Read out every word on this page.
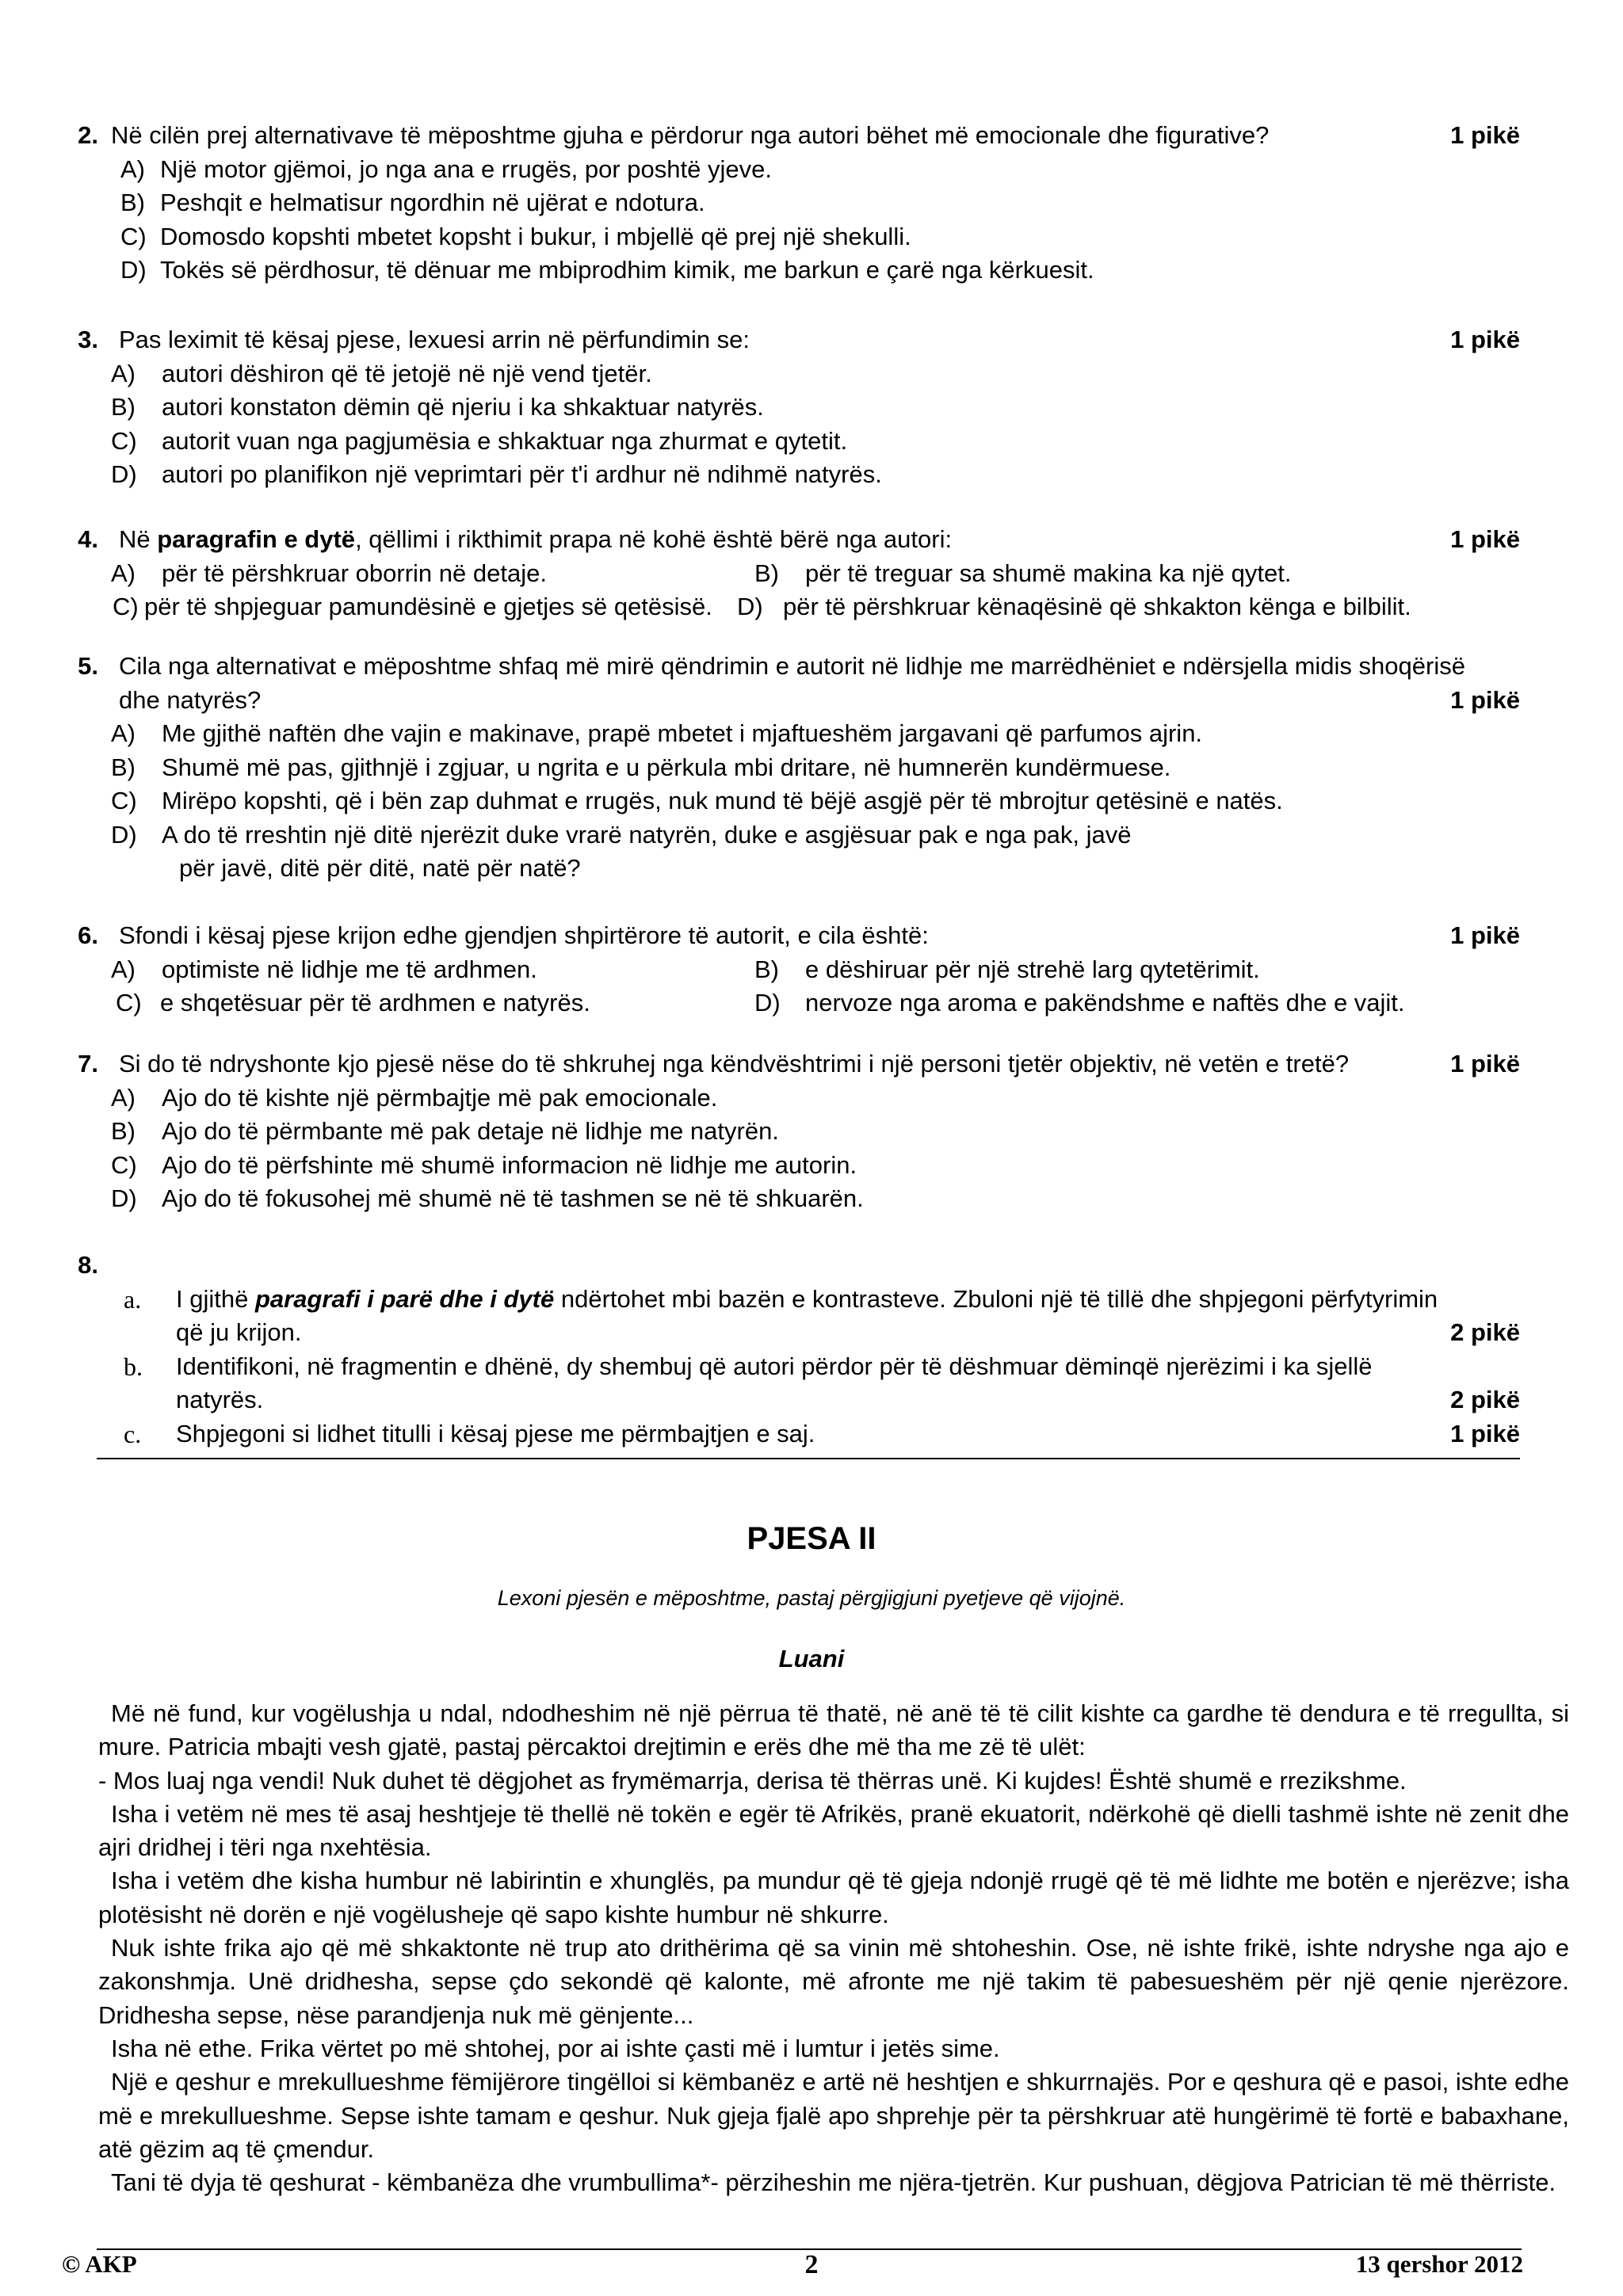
2. Në cilën prej alternativave të mëposhtme gjuha e përdorur nga autori bëhet më emocionale dhe figurative?	1 pikë
A) Një motor gjëmoi, jo nga ana e rrugës, por poshtë yjeve.
B) Peshqit e helmatisur ngordhin në ujërat e ndotura.
C) Domosdo kopshti mbetet kopsht i bukur, i mbjellë që prej një shekulli.
D) Tokës së përdhosur, të dënuar me mbiprodhim kimik, me barkun e çarë nga kërkuesit.
3. Pas leximit të kësaj pjese, lexuesi arrin në përfundimin se:	1 pikë
A)	autori dëshiron që të jetojë në një vend tjetër.
B)	autori konstaton dëmin që njeriu i ka shkaktuar natyrës.
C)	autorit vuan nga pagjumësia e shkaktuar nga zhurmat e qytetit.
D)	autori po planifikon një veprimtari për t'i ardhur në ndihmë natyrës.
4. Në paragrafin e dytë, qëllimi i rikthimit prapa në kohë është bërë nga autori:	1 pikë
A)	për të përshkruar oborrin në detaje.	B)	për të treguar sa shumë makina ka një qytet.
C) për të shpjeguar pamundësinë e gjetjes së qetësisë. D) për të përshkruar kënaqësinë që shkakton kënga e bilbilit.
5. Cila nga alternativat e mëposhtme shfaq më mirë qëndrimin e autorit në lidhje me marrëdhëniet e ndërsjella midis shoqërisë
dhe natyrës?	1 pikë
A)	Me gjithë naftën dhe vajin e makinave, prapë mbetet i mjaftueshëm jargavani që parfumos ajrin.
B)	Shumë më pas, gjithnjë i zgjuar, u ngrita e u përkula mbi dritare, në humnerën kundërmuese.
C)	Mirëpo kopshti, që i bën zap duhmat e rrugës, nuk mund të bëjë asgjë për të mbrojtur qetësinë e natës.
D)	A do të rreshtin një ditë njerëzit duke vrarë natyrën, duke e asgjësuar pak e nga pak, javë
për javë, ditë për ditë, natë për natë?
6. Sfondi i kësaj pjese krijon edhe gjendjen shpirtërore të autorit, e cila është:	1 pikë
A)	optimiste në lidhje me të ardhmen.	B)	e dëshiruar për një strehë larg qytetërimit.
C) e shqetësuar për të ardhmen e natyrës.	D)	nervoze nga aroma e pakëndshme e naftës dhe e vajit.
7. Si do të ndryshonte kjo pjesë nëse do të shkruhej nga këndvështrimi i një personi tjetër objektiv, në vetën e tretë?	1 pikë
A)	Ajo do të kishte një përmbajtje më pak emocionale.
B)	Ajo do të përmbante më pak detaje në lidhje me natyrën.
C)	Ajo do të përfshinte më shumë informacion në lidhje me autorin.
D)	Ajo do të fokusohej më shumë në të tashmen se në të shkuarën.
8.
a.	I gjithë paragrafi i parë dhe i dytë ndërtohet mbi bazën e kontrasteve. Zbuloni një të tillë dhe shpjegoni përfytyrimin
që ju krijon.	2 pikë
b.	Identifikoni, në fragmentin e dhënë, dy shembuj që autori përdor për të dëshmuar dëminqë njerëzimi i ka sjellë
natyrës.	2 pikë
c.	Shpjegoni si lidhet titulli i kësaj pjese me përmbajtjen e saj.	1 pikë
PJESA II
Lexoni pjesën e mëposhtme, pastaj përgjigjuni pyetjeve që vijojnë.
Luani

Më në fund, kur vogëlushja u ndal, ndodheshim në një përrua të thatë, në anë të të cilit kishte ca gardhe të dendura e të rregullta, si mure. Patricia mbajti vesh gjatë, pastaj përcaktoi drejtimin e erës dhe më tha me zë të ulët:

- Mos luaj nga vendi! Nuk duhet të dëgjohet as frymëmarrja, derisa të thërras unë. Ki kujdes! Është shumë e rrezikshme.

Isha i vetëm në mes të asaj heshtjeje të thellë në tokën e egër të Afrikës, pranë ekuatorit, ndërkohë që dielli tashmë ishte në zenit dhe ajri dridhej i tëri nga nxehtësia.

Isha i vetëm dhe kisha humbur në labirintin e xhunglës, pa mundur që të gjeja ndonjë rrugë që të më lidhte me botën e njerëzve; isha plotësisht në dorën e një vogëlusheje që sapo kishte humbur në shkurre.

Nuk ishte frika ajo që më shkaktonte në trup ato drithërima që sa vinin më shtoheshin. Ose, në ishte frikë, ishte ndryshe nga ajo e zakonshmja. Unë dridhesha, sepse çdo sekondë që kalonte, më afronte me një takim të pabesueshëm për një qenie njerëzore. Dridhesha sepse, nëse parandjenja nuk më gënjente...

Isha në ethe. Frika vërtet po më shtohej, por ai ishte çasti më i lumtur i jetës sime.

Një e qeshur e mrekullueshme fëmijërore tingëlloi si këmbanëz e artë në heshtjen e shkurrnajës. Por e qeshura që e pasoi, ishte edhe më e mrekullueshme. Sepse ishte tamam e qeshur. Nuk gjeja fjalë apo shprehje për ta përshkruar atë hungërimë të fortë e babaxhane, atë gëzim aq të çmendur.

Tani të dyja të qeshurat - këmbanëza dhe vrumbullima*- përziheshin me njëra-tjetrën. Kur pushuan, dëgjova Patrician të më thërriste.

© AKP	2	13 qershor 2012
